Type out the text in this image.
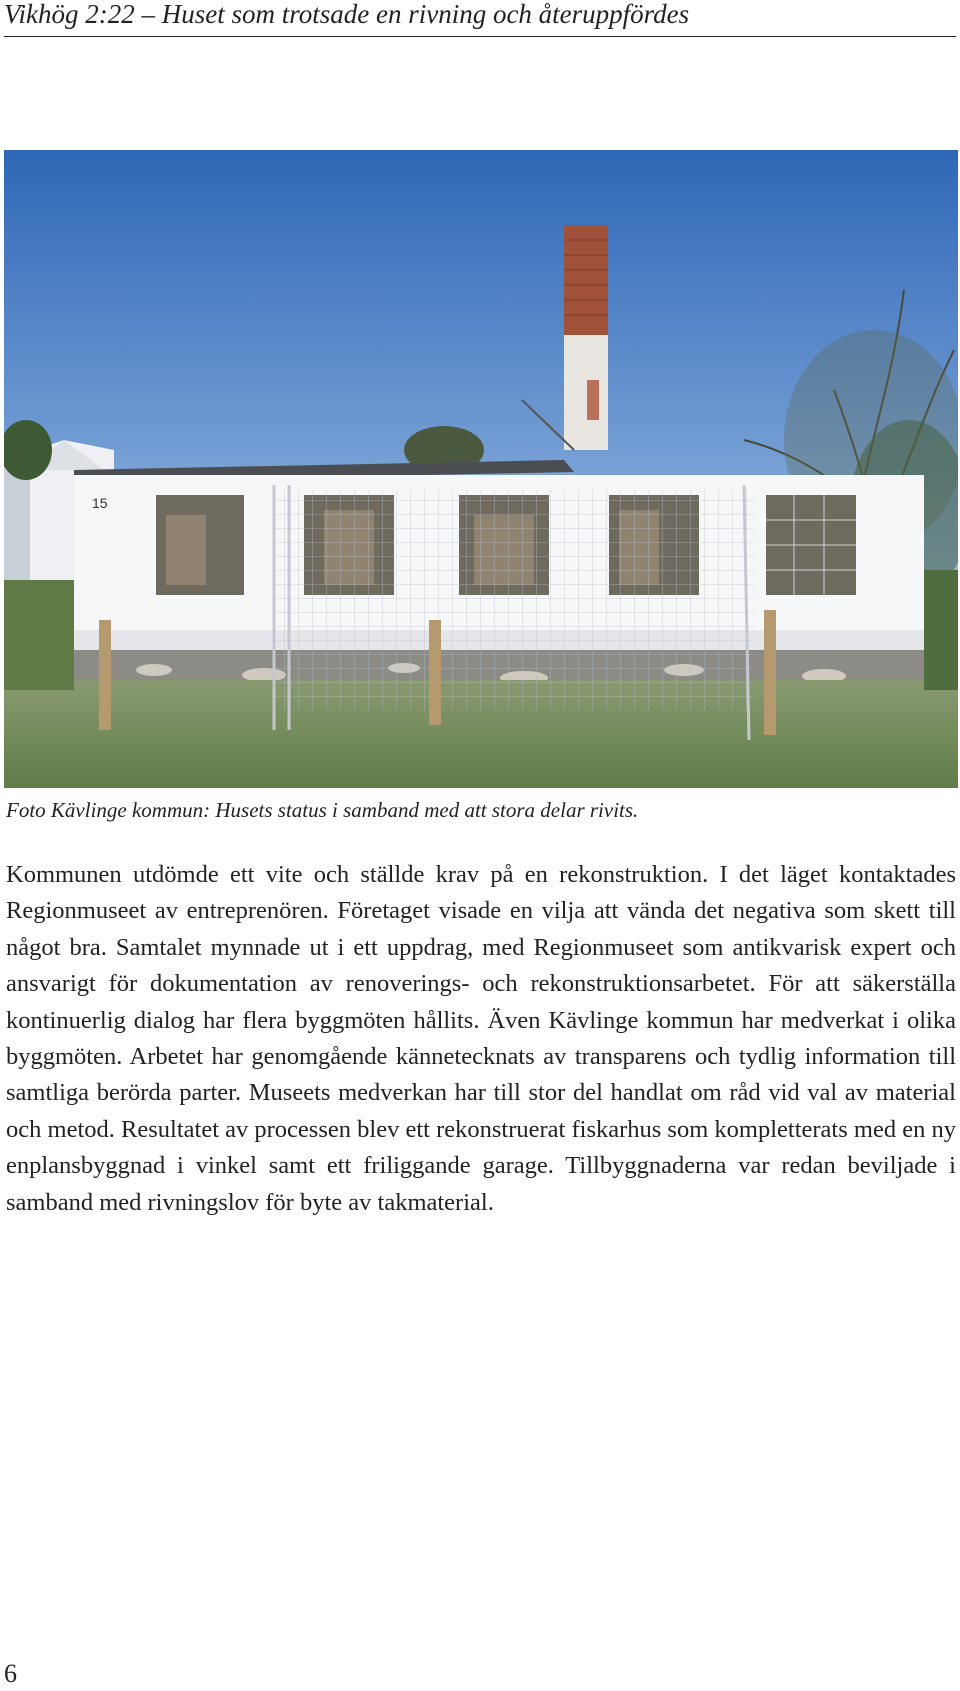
Vikhög 2:22 – Huset som trotsade en rivning och återuppfördes
15
Foto Kävlinge kommun: Husets status i samband med att stora delar rivits.

Kommunen utdömde ett vite och ställde krav på en rekonstruktion. I det läget kontaktades Regionmuseet av entreprenören. Företaget visade en vilja att vända det negativa som skett till något bra. Samtalet mynnade ut i ett uppdrag, med Regionmuseet som antikvarisk expert och ansvarigt för dokumentation av renoverings- och rekonstruktionsarbetet. För att säkerställa kontinuerlig dialog har flera byggmöten hållits. Även Kävlinge kommun har medverkat i olika byggmöten. Arbetet har genomgående kännetecknats av transparens och tydlig information till samtliga berörda parter. Museets medverkan har till stor del handlat om råd vid val av material och metod. Resultatet av processen blev ett rekonstruerat fiskarhus som kompletterats med en ny enplansbyggnad i vinkel samt ett friliggande garage. Tillbyggnaderna var redan beviljade i samband med rivningslov för byte av takmaterial.

6
